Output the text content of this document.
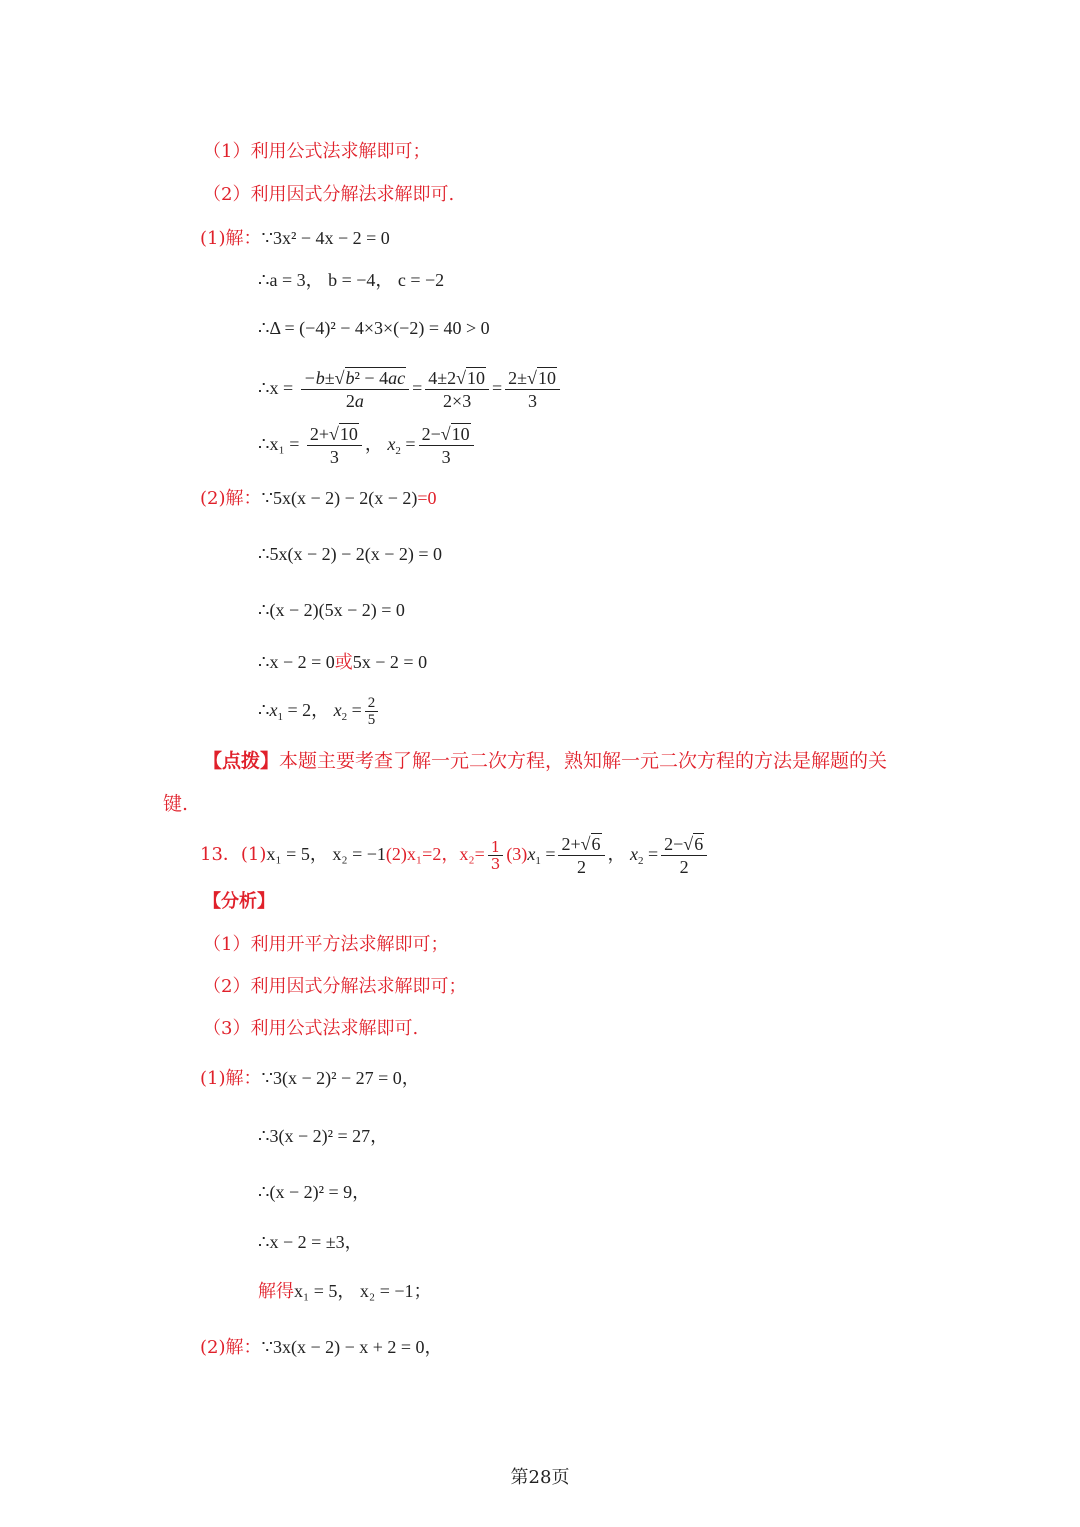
（1）利用公式法求解即可；
（2）利用因式分解法求解即可.
(1)解：∵3x² − 4x − 2 = 0
∴a = 3， b = −4， c = −2
∴Δ = (−4)² − 4×3×(−2) = 40 > 0
∴x = $\frac{\text{−b±√b² − 4ac}}{2a} = \frac{4\pm 2√10}{2\times 3} = \frac{2\pm√10}{3}$
∴x₁ = $\frac{2+√10}{3}$ ， $x_2 = \frac{2-√10}{3}$
(2)解：∵5x(x − 2) − 2(x − 2)=0
∴5x(x − 2) − 2(x − 2) = 0
∴(x − 2)(5x − 2) = 0
∴x − 2 = 0或5x − 2 = 0
$\therefore x_1 = 2$， $x_2 = \frac{2}{5}$
【点拨】本题主要考查了解一元二次方程，熟知解一元二次方程的方法是解题的关
键.
13．(1)x₁ = 5， x₂ = −1(2)x₁=2，$x_2= \frac{1}{3} (3)x_1 = \frac{2+√6}{2}$ ， $x_2 = \frac{2-√6}{2}$
【分析】
（1）利用开平方法求解即可；
（2）利用因式分解法求解即可；
（3）利用公式法求解即可.
(1)解：∵3(x − 2)² − 27 = 0，
∴3(x − 2)² = 27，
∴(x − 2)² = 9，
∴x − 2 = ±3，
解得x₁ = 5， x₂ = −1；
(2)解：∵3x(x − 2) − x + 2 = 0，
第28页
